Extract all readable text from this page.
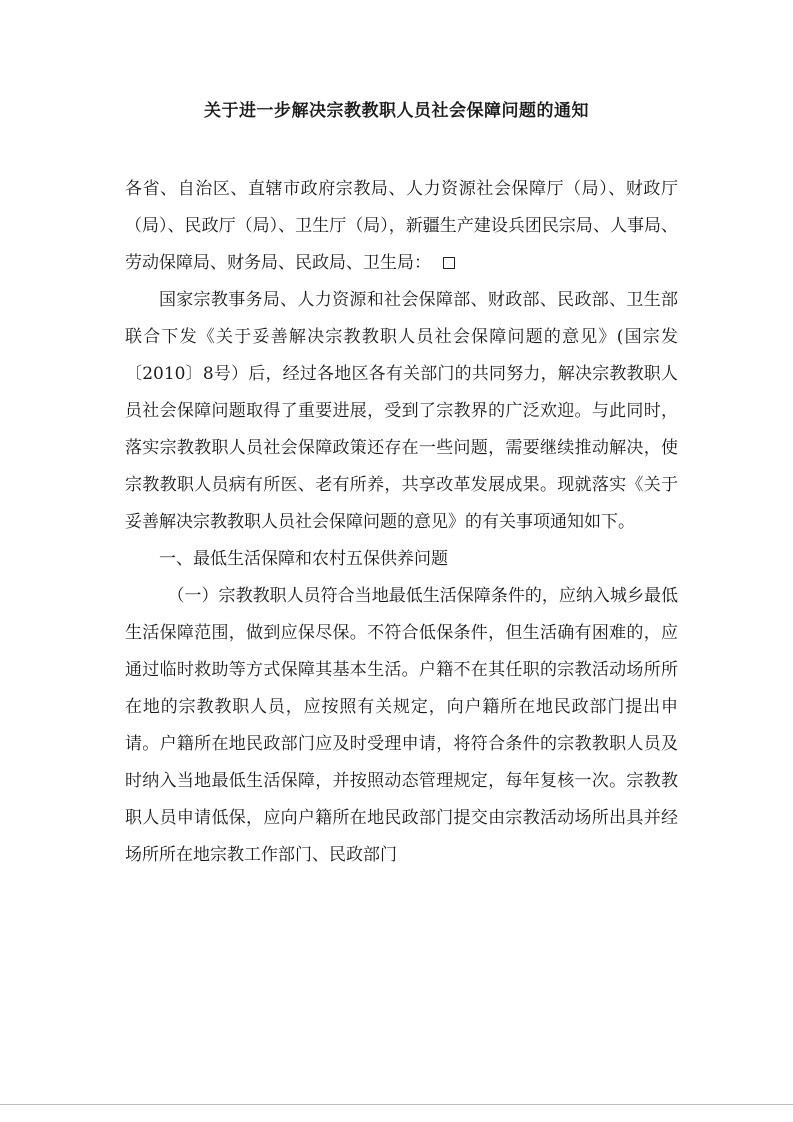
关于进一步解决宗教教职人员社会保障问题的通知

各省、自治区、直辖市政府宗教局、人力资源社会保障厅（局）、财政厅（局）、民政厅（局）、卫生厅（局），新疆生产建设兵团民宗局、人事局、劳动保障局、财务局、民政局、卫生局：

国家宗教事务局、人力资源和社会保障部、财政部、民政部、卫生部联合下发《关于妥善解决宗教教职人员社会保障问题的意见》(国宗发〔2010〕8号）后，经过各地区各有关部门的共同努力，解决宗教教职人员社会保障问题取得了重要进展，受到了宗教界的广泛欢迎。与此同时，落实宗教教职人员社会保障政策还存在一些问题，需要继续推动解决，使宗教教职人员病有所医、老有所养，共享改革发展成果。现就落实《关于妥善解决宗教教职人员社会保障问题的意见》的有关事项通知如下。

一、最低生活保障和农村五保供养问题

（一）宗教教职人员符合当地最低生活保障条件的，应纳入城乡最低生活保障范围，做到应保尽保。不符合低保条件，但生活确有困难的，应通过临时救助等方式保障其基本生活。户籍不在其任职的宗教活动场所所在地的宗教教职人员，应按照有关规定，向户籍所在地民政部门提出申请。户籍所在地民政部门应及时受理申请，将符合条件的宗教教职人员及时纳入当地最低生活保障，并按照动态管理规定，每年复核一次。宗教教职人员申请低保，应向户籍所在地民政部门提交由宗教活动场所出具并经场所所在地宗教工作部门、民政部门
